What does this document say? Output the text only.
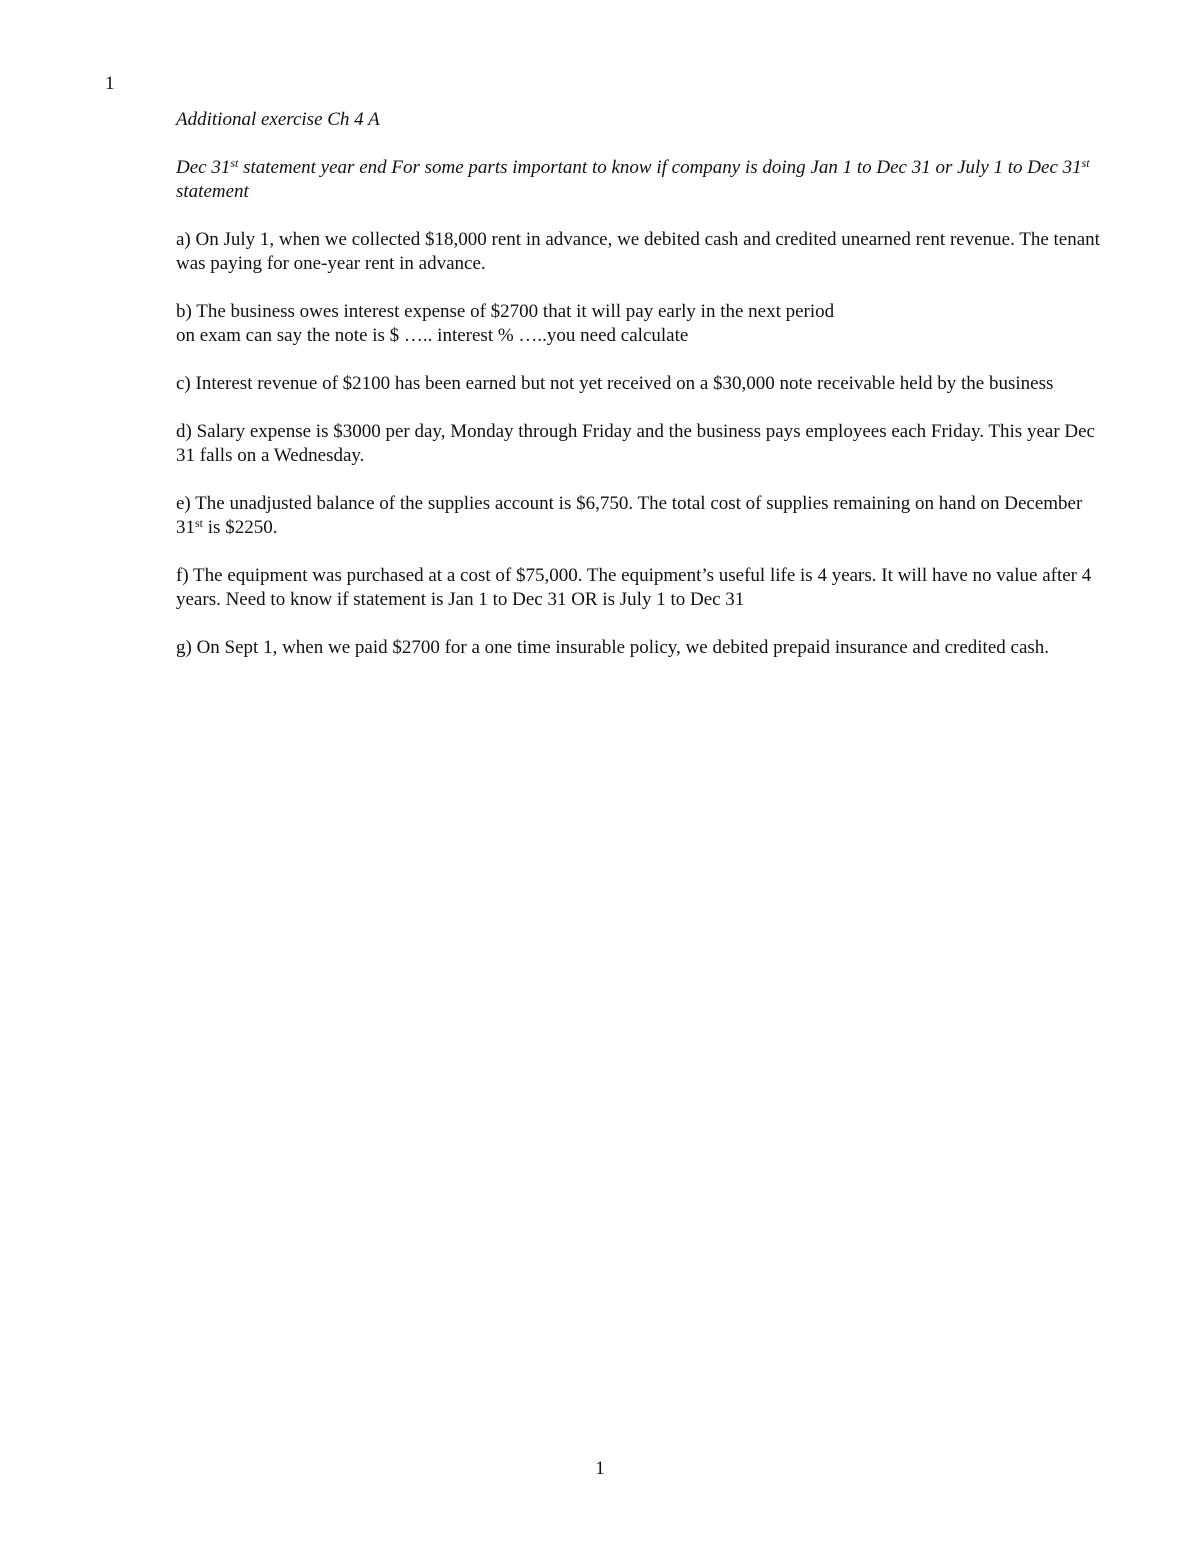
1

Additional exercise Ch 4 A

Dec 31st statement year end For some parts important to know if company is doing Jan 1 to Dec 31 or July 1 to Dec 31st statement

a) On July 1, when we collected $18,000 rent in advance, we debited cash and credited unearned rent revenue. The tenant was paying for one-year rent in advance.

b) The business owes interest expense of $2700 that it will pay early in the next period
on exam can say the note is $ ….. interest % …..you need calculate

c) Interest revenue of $2100 has been earned but not yet received on a $30,000 note receivable held by the business

d) Salary expense is $3000 per day, Monday through Friday and the business pays employees each Friday. This year Dec 31 falls on a Wednesday.

e) The unadjusted balance of the supplies account is $6,750. The total cost of supplies remaining on hand on December 31st is $2250.

f) The equipment was purchased at a cost of $75,000. The equipment’s useful life is 4 years. It will have no value after 4 years. Need to know if statement is Jan 1 to Dec 31 OR is July 1 to Dec 31

g) On Sept 1, when we paid $2700 for a one time insurable policy, we debited prepaid insurance and credited cash.

1
